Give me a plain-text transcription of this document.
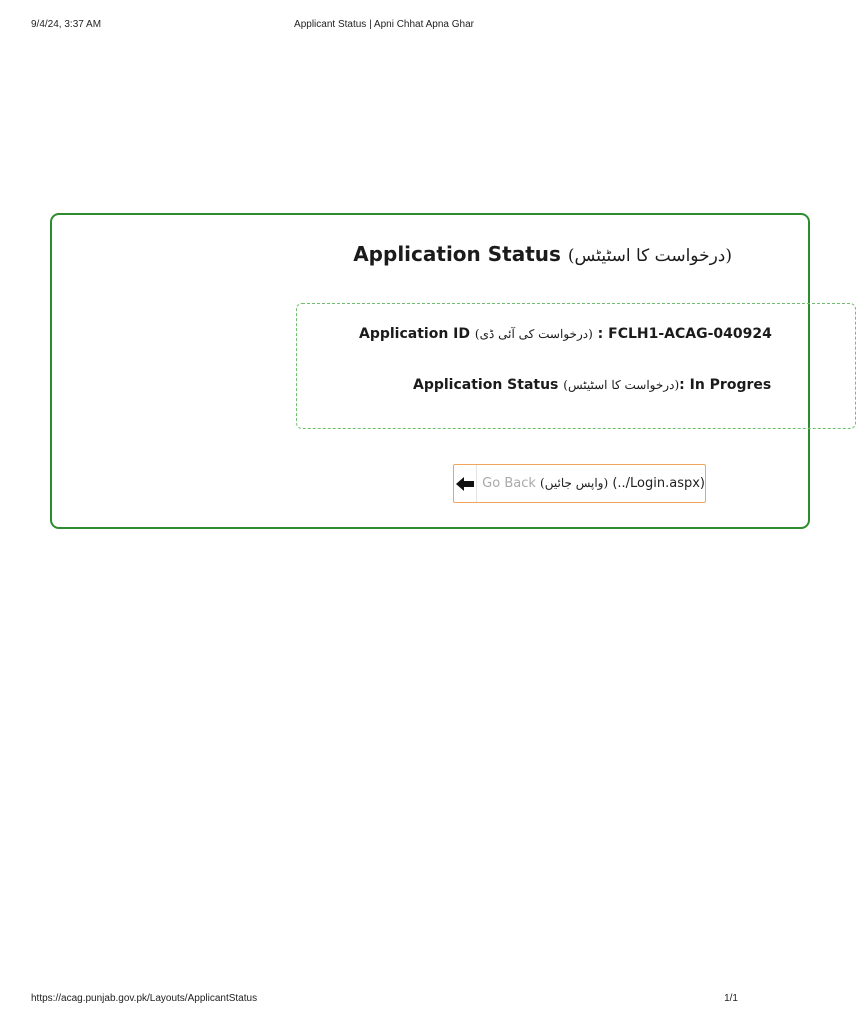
9/4/24, 3:37 AM	Applicant Status | Apni Chhat Apna Ghar
Application Status (درخواست کا اسٹیٹس)
Application ID (درخواست کی آئی ڈی) : FCLH1-ACAG-040924
Application Status (درخواست کا اسٹیٹس): In Progres
Go Back (واپس جائیں) (../Login.aspx)
https://acag.punjab.gov.pk/Layouts/ApplicantStatus	1/1
